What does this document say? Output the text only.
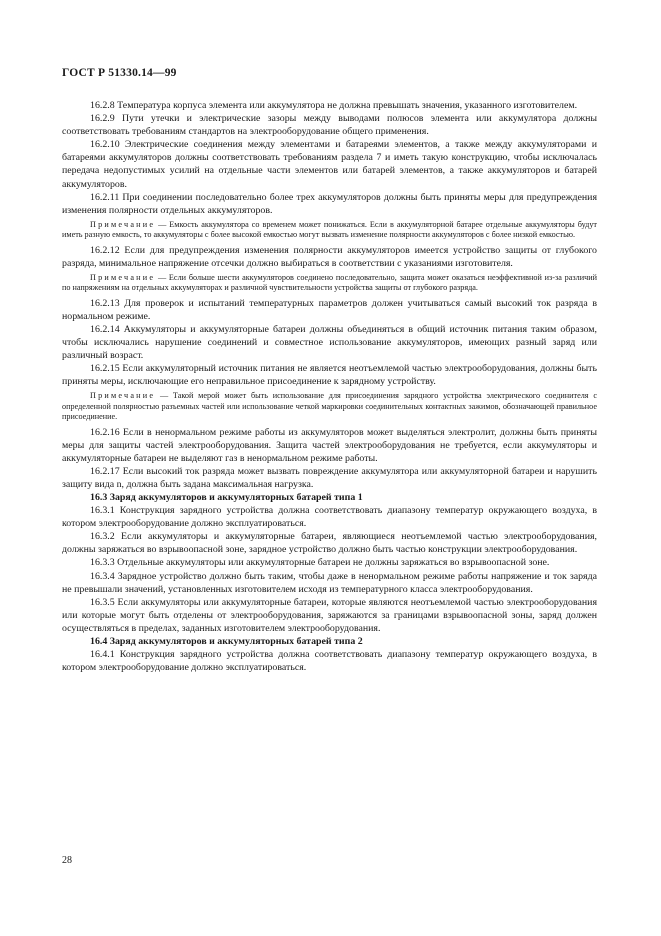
ГОСТ Р 51330.14—99

16.2.8 Температура корпуса элемента или аккумулятора не должна превышать значения, указанного изготовителем.

16.2.9 Пути утечки и электрические зазоры между выводами полюсов элемента или аккумулятора должны соответствовать требованиям стандартов на электрооборудование общего применения.

16.2.10 Электрические соединения между элементами и батареями элементов, а также между аккумуляторами и батареями аккумуляторов должны соответствовать требованиям раздела 7 и иметь такую конструкцию, чтобы исключалась передача недопустимых усилий на отдельные части элементов или батарей элементов, а также аккумуляторов и батарей аккумуляторов.

16.2.11 При соединении последовательно более трех аккумуляторов должны быть приняты меры для предупреждения изменения полярности отдельных аккумуляторов.

Примечание — Емкость аккумулятора со временем может понижаться. Если в аккумуляторной батарее отдельные аккумуляторы будут иметь разную емкость, то аккумуляторы с более высокой емкостью могут вызвать изменение полярности аккумуляторов с более низкой емкостью.

16.2.12 Если для предупреждения изменения полярности аккумуляторов имеется устройство защиты от глубокого разряда, минимальное напряжение отсечки должно выбираться в соответствии с указаниями изготовителя.

Примечание — Если больше шести аккумуляторов соединено последовательно, защита может оказаться неэффективной из-за различий по напряжениям на отдельных аккумуляторах и различной чувствительности устройства защиты от глубокого разряда.

16.2.13 Для проверок и испытаний температурных параметров должен учитываться самый высокий ток разряда в нормальном режиме.

16.2.14 Аккумуляторы и аккумуляторные батареи должны объединяться в общий источник питания таким образом, чтобы исключались нарушение соединений и совместное использование аккумуляторов, имеющих разный заряд или различный возраст.

16.2.15 Если аккумуляторный источник питания не является неотъемлемой частью электрооборудования, должны быть приняты меры, исключающие его неправильное присоединение к зарядному устройству.

Примечание — Такой мерой может быть использование для присоединения зарядного устройства электрического соединителя с определенной полярностью разъемных частей или использование четкой маркировки соединительных контактных зажимов, обозначающей правильное присоединение.

16.2.16 Если в ненормальном режиме работы из аккумуляторов может выделяться электролит, должны быть приняты меры для защиты частей электрооборудования. Защита частей электрооборудования не требуется, если аккумуляторы и аккумуляторные батареи не выделяют газ в ненормальном режиме работы.

16.2.17 Если высокий ток разряда может вызвать повреждение аккумулятора или аккумуляторной батареи и нарушить защиту вида n, должна быть задана максимальная нагрузка.

16.3 Заряд аккумуляторов и аккумуляторных батарей типа 1

16.3.1 Конструкция зарядного устройства должна соответствовать диапазону температур окружающего воздуха, в котором электрооборудование должно эксплуатироваться.

16.3.2 Если аккумуляторы и аккумуляторные батареи, являющиеся неотъемлемой частью электрооборудования, должны заряжаться во взрывоопасной зоне, зарядное устройство должно быть частью конструкции электрооборудования.

16.3.3 Отдельные аккумуляторы или аккумуляторные батареи не должны заряжаться во взрывоопасной зоне.

16.3.4 Зарядное устройство должно быть таким, чтобы даже в ненормальном режиме работы напряжение и ток заряда не превышали значений, установленных изготовителем исходя из температурного класса электрооборудования.

16.3.5 Если аккумуляторы или аккумуляторные батареи, которые являются неотъемлемой частью электрооборудования или которые могут быть отделены от электрооборудования, заряжаются за границами взрывоопасной зоны, заряд должен осуществляться в пределах, заданных изготовителем электрооборудования.

16.4 Заряд аккумуляторов и аккумуляторных батарей типа 2

16.4.1 Конструкция зарядного устройства должна соответствовать диапазону температур окружающего воздуха, в котором электрооборудование должно эксплуатироваться.

28
